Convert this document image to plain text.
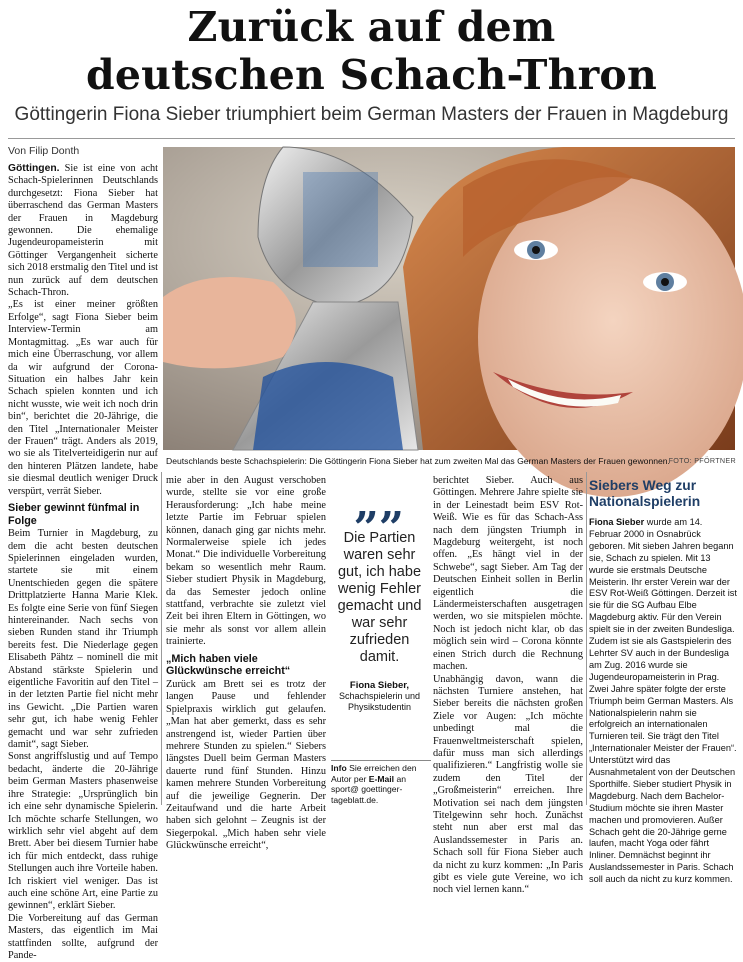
Zurück auf dem
deutschen Schach-Thron
Göttingerin Fiona Sieber triumphiert beim German Masters der Frauen in Magdeburg
Von Filip Donth

Göttingen. Sie ist eine von acht Schach-Spielerinnen Deutschlands durchgesetzt: Fiona Sieber hat überraschend das German Masters der Frauen in Magdeburg gewonnen. Die ehemalige Jugendeuropameisterin mit Göttinger Vergangenheit sicherte sich 2018 erstmalig den Titel und ist nun zurück auf dem deutschen Schach-Thron.

„Es ist einer meiner größten Erfolge“, sagt Fiona Sieber beim Interview-Termin am Montagmittag. „Es war auch für mich eine Überraschung, vor allem da wir aufgrund der Corona-Situation ein halbes Jahr kein Schach spielen konnten und ich nicht wusste, wie weit ich noch drin bin“, berichtet die 20-Jährige, die den Titel „Internationaler Meister der Frauen“ trägt. Anders als 2019, wo sie als Titelverteidigerin nur auf den hinteren Plätzen landete, habe sie diesmal deutlich weniger Druck verspürt, verrät Sieber.

Sieber gewinnt fünfmal in Folge

Beim Turnier in Magdeburg, zu dem die acht besten deutschen Spielerinnen eingeladen wurden, startete sie mit einem Unentschieden gegen die spätere Drittplatzierte Hanna Marie Klek. Es folgte eine Serie von fünf Siegen hintereinander. Nach sechs von sieben Runden stand ihr Triumph bereits fest. Die Niederlage gegen Elisabeth Pähtz – nominell die mit Abstand stärkste Spielerin und eigentliche Favoritin auf den Titel – in der letzten Partie fiel nicht mehr ins Gewicht. „Die Partien waren sehr gut, ich habe wenig Fehler gemacht und war sehr zufrieden damit“, sagt Sieber.

Sonst angriffslustig und auf Tempo bedacht, änderte die 20-Jährige beim German Masters phasenweise ihre Strategie: „Ursprünglich bin ich eine sehr dynamische Spielerin. Ich möchte scharfe Stellungen, wo wirklich sehr viel abgeht auf dem Brett. Aber bei diesem Turnier habe ich für mich entdeckt, dass ruhige Stellungen auch ihre Vorteile haben. Ich riskiert viel weniger. Das ist auch eine schöne Art, eine Partie zu gewinnen“, erklärt Sieber.

Die Vorbereitung auf das German Masters, das eigentlich im Mai stattfinden sollte, aufgrund der Pande-

Deutschlands beste Schachspielerin: Die Göttingerin Fiona Sieber hat zum zweiten Mal das German Masters der Frauen gewonnen.
FOTO: PFÖRTNER

mie aber in den August verschoben wurde, stellte sie vor eine große Herausforderung: „Ich habe meine letzte Partie im Februar spielen können, danach ging gar nichts mehr. Normalerweise spiele ich jedes Monat.“ Die individuelle Vorbereitung bekam so wesentlich mehr Raum. Sieber studiert Physik in Magdeburg, da das Semester jedoch online stattfand, verbrachte sie zuletzt viel Zeit bei ihren Eltern in Göttingen, wo sie mehr als sonst vor allem allein trainierte.

„Mich haben viele Glückwünsche erreicht“

Zurück am Brett sei es trotz der langen Pause und fehlender Spielpraxis wirklich gut gelaufen. „Man hat aber gemerkt, dass es sehr anstrengend ist, wieder Partien über mehrere Stunden zu spielen.“ Siebers längstes Duell beim German Masters dauerte rund fünf Stunden. Hinzu kamen mehrere Stunden Vorbereitung auf die jeweilige Gegnerin. Der Zeitaufwand und die harte Arbeit haben sich gelohnt – Zeugnis ist der Siegerpokal. „Mich haben sehr viele Glückwünsche erreicht“,

„„
Die Partien waren sehr gut, ich habe wenig Fehler gemacht und war sehr zufrieden damit.
Fiona Sieber,
Schachspielerin und Physikstudentin
Info Sie erreichen den Autor per E-Mail an sport@ goettinger-tageblatt.de.

berichtet Sieber. Auch aus Göttingen. Mehrere Jahre spielte sie in der Leinestadt beim ESV Rot-Weiß. Wie es für das Schach-Ass nach dem jüngsten Triumph in Magdeburg weitergeht, ist noch offen. „Es hängt viel in der Schwebe“, sagt Sieber. Am Tag der Deutschen Einheit sollen in Berlin eigentlich die Ländermeisterschaften ausgetragen werden, wo sie mitspielen möchte. Noch ist jedoch nicht klar, ob das möglich sein wird – Corona könnte einen Strich durch die Rechnung machen.

Unabhängig davon, wann die nächsten Turniere anstehen, hat Sieber bereits die nächsten großen Ziele vor Augen: „Ich möchte unbedingt mal die Frauenweltmeisterschaft spielen, dafür muss man sich allerdings qualifizieren.“ Langfristig wolle sie zudem den Titel der „Großmeisterin“ erreichen. Ihre Motivation sei nach dem jüngsten Titelgewinn sehr hoch. Zunächst steht nun aber erst mal das Auslandssemester in Paris an. Schach soll für Fiona Sieber auch da nicht zu kurz kommen: „In Paris gibt es viele gute Vereine, wo ich noch viel lernen kann.“

Siebers Weg zur Nationalspielerin
Fiona Sieber wurde am 14. Februar 2000 in Osnabrück geboren. Mit sieben Jahren begann sie, Schach zu spielen. Mit 13 wurde sie erstmals Deutsche Meisterin. Ihr erster Verein war der ESV Rot-Weiß Göttingen. Derzeit ist sie für die SG Aufbau Elbe Magdeburg aktiv. Für den Verein spielt sie in der zweiten Bundesliga. Zudem ist sie als Gastspielerin des Lehrter SV auch in der Bundesliga am Zug. 2016 wurde sie Jugendeuropameisterin in Prag. Zwei Jahre später folgte der erste Triumph beim German Masters. Als Nationalspielerin nahm sie erfolgreich an internationalen Turnieren teil. Sie trägt den Titel „Internationaler Meister der Frauen“. Unterstützt wird das Ausnahmetalent von der Deutschen Sporthilfe. Sieber studiert Physik in Magdeburg. Nach dem Bachelor-Studium möchte sie ihren Master machen und promovieren. Außer Schach geht die 20-Jährige gerne laufen, macht Yoga oder fährt Inliner. Demnächst beginnt ihr Auslandssemester in Paris. Schach soll auch da nicht zu kurz kommen.
